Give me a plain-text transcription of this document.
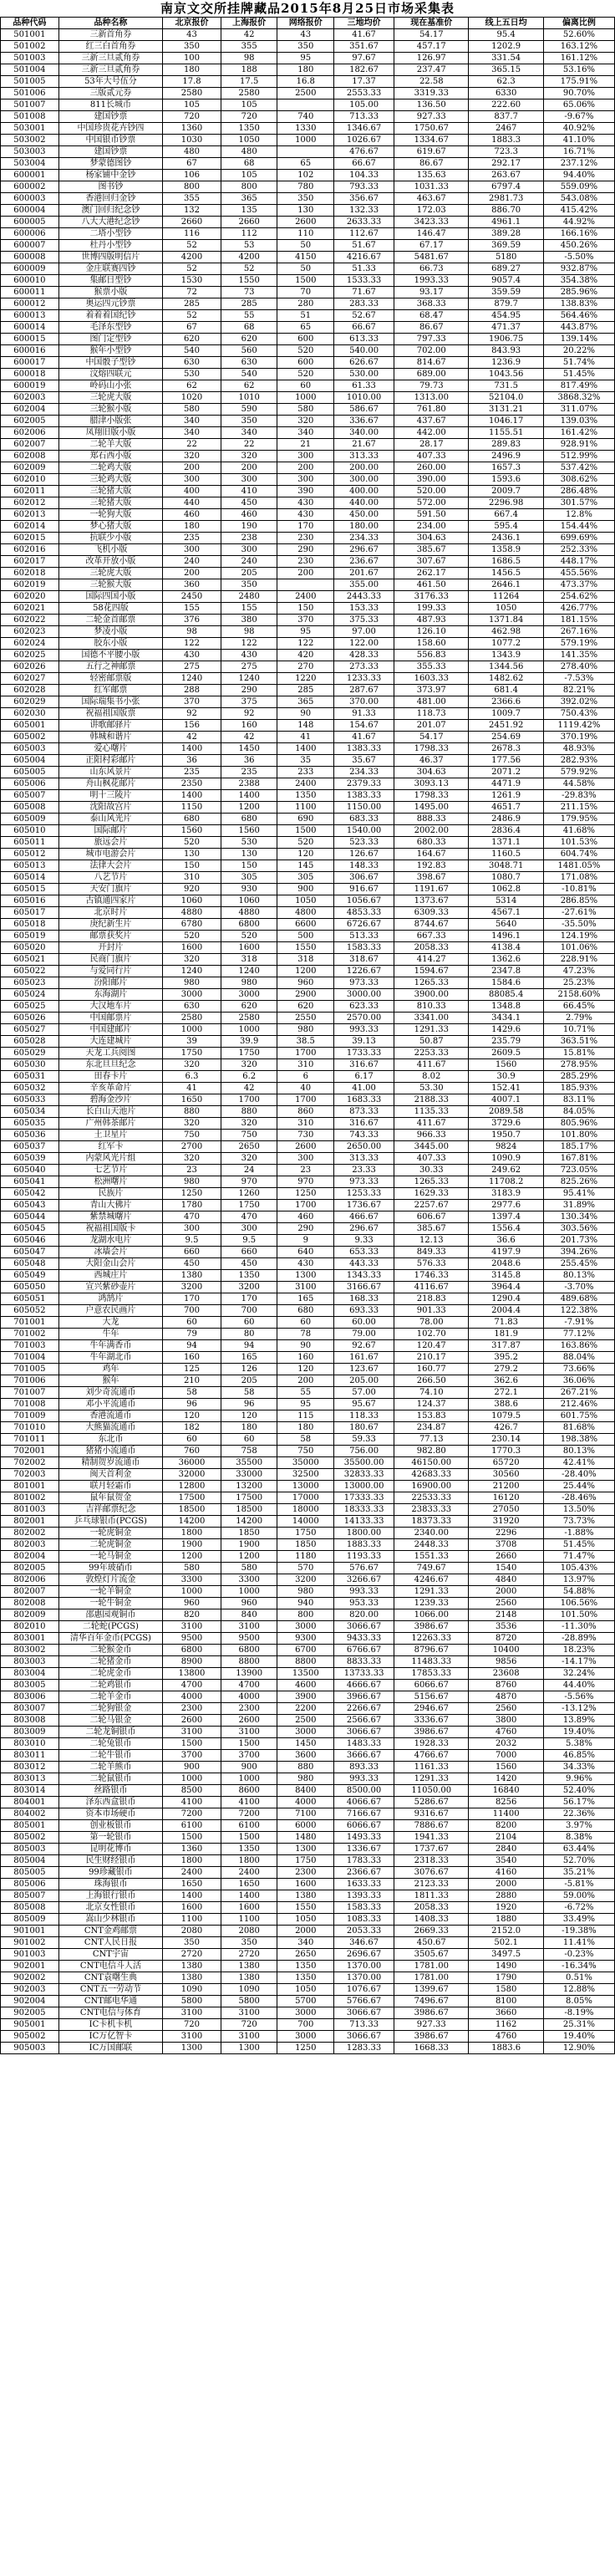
南京文交所挂牌藏品2015年8月25日市场采集表
品种代码	品种名称	北京报价	上海报价	网络报价	三地均价	现在基准价	线上五日均	偏离比例
501001	三新首角券	43	42	43	41.67	54.17	95.4	52.60%
501002	红三白首角券	350	355	350	351.67	457.17	1202.9	163.12%
501003	三新三旦贰角券	100	98	95	97.67	126.97	331.54	161.12%
501004	三新三旦贰角券	180	188	180	182.67	237.47	365.15	53.16%
501005	53年大号伍分	17.8	17.5	16.8	17.37	22.58	62.3	175.91%
501006	三版贰元券	2580	2580	2500	2553.33	3319.33	6330	90.70%
501007	811长城币	105	105		105.00	136.50	222.60	65.06%
501008	建国钞票	720	720	740	713.33	927.33	837.7	-9.67%
503001	中国珍贵花卉钞四	1360	1350	1330	1346.67	1750.67	2467	40.92%
503002	中国银币钞票	1030	1050	1000	1026.67	1334.67	1883.3	41.10%
503003	建国钞票	480	480		476.67	619.67	723.3	16.71%
503004	梦蒙德图钞	67	68	65	66.67	86.67	292.17	237.12%
600001	杨家铺中金钞	106	105	102	104.33	135.63	263.67	94.40%
600002	图书钞	800	800	780	793.33	1031.33	6797.4	559.09%
600003	香港回归金钞	355	365	350	356.67	463.67	2981.73	543.08%
600004	澳门回归纪念钞	132	135	130	132.33	172.03	886.70	415.42%
600005	八大大港纪念钞	2660	2660	2600	2633.33	3423.33	4961.1	44.92%
600006	二塔小型钞	116	112	110	112.67	146.47	389.28	166.16%
600007	杜丹小型钞	52	53	50	51.67	67.17	369.59	450.26%
600008	世博四版明信片	4200	4200	4150	4216.67	5481.67	5180	-5.50%
600009	金庄联赛四钞	52	52	50	51.33	66.73	689.27	932.87%
600010	集邮日型钞	1530	1550	1500	1533.33	1993.33	9057.4	354.38%
600011	猴票小版	72	73	70	71.67	93.17	359.59	285.96%
600012	奥运四元钞票	285	285	280	283.33	368.33	879.7	138.83%
600013	着着着国纪钞	52	55	51	52.67	68.47	454.95	564.46%
600014	毛泽东型钞	67	68	65	66.67	86.67	471.37	443.87%
600015	图门定型钞	620	620	600	613.33	797.33	1906.75	139.14%
600016	猴年小型钞	540	560	520	540.00	702.00	843.93	20.22%
600017	中国骰子型钞	630	630	600	626.67	814.67	1236.9	51.74%
600018	汶熔四联元	530	540	520	530.00	689.00	1043.56	51.45%
600019	岭码山小张	62	62	60	61.33	79.73	731.5	817.49%
602003	三轮虎大版	1020	1010	1000	1010.00	1313.00	52104.0	3868.32%
602004	三轮猴小版	580	590	580	586.67	761.80	3131.21	311.07%
602005	腊津小版张	340	350	320	336.67	437.67	1046.17	139.03%
602006	凤翔旧版小版	340	340	340	340.00	442.00	1155.51	161.42%
602007	二轮羊大版	22	22	21	21.67	28.17	289.83	928.91%
602008	郑石西小版	320	320	300	313.33	407.33	2496.9	512.99%
602009	二轮鸡大版	200	200	200	200.00	260.00	1657.3	537.42%
602010	三轮鸡大版	300	300	300	300.00	390.00	1593.6	308.62%
602011	三轮猪大版	400	410	390	400.00	520.00	2009.7	286.48%
602012	三轮猪大版	440	450	430	440.00	572.00	2296.98	301.57%
602013	一轮狗大版	460	460	430	450.00	591.50	667.4	12.8%
602014	梦心猪大版	180	190	170	180.00	234.00	595.4	154.44%
602015	抗联少小版	235	238	230	234.33	304.63	2436.1	699.69%
602016	飞机小版	300	300	290	296.67	385.67	1358.9	252.33%
602017	改革开放小版	240	240	230	236.67	307.67	1686.5	448.17%
602018	三轮虎大版	200	205	200	201.67	262.17	1456.5	455.56%
602019	三轮猴大版	360	350		355.00	461.50	2646.1	473.37%
602020	国际四国小版	2450	2480	2400	2443.33	3176.33	11264	254.62%
602021	58花四版	155	155	150	153.33	199.33	1050	426.77%
602022	二轮金首邮票	376	380	370	375.33	487.93	1371.84	181.15%
602023	梦凌小版	98	98	95	97.00	126.10	462.98	267.16%
602024	胶东小版	122	122	122	122.00	158.60	1077.2	579.19%
602025	国德不平腰小版	430	430	420	428.33	556.83	1343.9	141.35%
602026	五行之神邮票	275	275	270	273.33	355.33	1344.56	278.40%
602027	轻密邮票版	1240	1240	1220	1233.33	1603.33	1482.62	-7.53%
602028	红军邮票	288	290	285	287.67	373.97	681.4	82.21%
602029	国际瑞集书小张	370	375	365	370.00	481.00	2366.6	392.02%
602030	祝福祖国版票	92	92	90	91.33	118.73	1009.7	750.43%
605001	讲歌邮驿片	156	160	148	154.67	201.07	2451.92	1119.42%
605002	韩城和谐片	42	42	41	41.67	54.17	254.69	370.19%
605003	爱心曙片	1400	1450	1400	1383.33	1798.33	2678.3	48.93%
605004	正阳村彩邮片	36	36	35	35.67	46.37	177.56	282.93%
605005	山东风景片	235	235	233	234.33	304.63	2071.2	579.92%
605006	舟山枫花邮片	2350	2388	2400	2379.33	3093.13	4471.9	44.58%
605007	明十三陵片	1400	1400	1350	1383.33	1798.33	1261.9	-29.83%
605008	沈阳故宫片	1150	1200	1100	1150.00	1495.00	4651.7	211.15%
605009	泰山风光片	680	680	690	683.33	888.33	2486.9	179.95%
605010	国际邮片	1560	1560	1500	1540.00	2002.00	2836.4	41.68%
605011	旅远会片	520	530	520	523.33	680.33	1371.1	101.53%
605012	城市电游会片	130	130	120	126.67	164.67	1160.5	604.74%
605013	法律大会片	150	150	145	148.33	192.83	3048.71	1481.05%
605014	八艺节片	310	305	305	306.67	398.67	1080.7	171.08%
605015	天安门旗片	920	930	900	916.67	1191.67	1062.8	-10.81%
605016	古镇通四家片	1060	1060	1050	1056.67	1373.67	5314	286.85%
605017	北京时片	4880	4880	4800	4853.33	6309.33	4567.1	-27.61%
605018	庚纪新生片	6780	6800	6600	6726.67	8744.67	5640	-35.50%
605019	邮票获奖片	520	520	500	513.33	667.33	1496.1	124.19%
605020	开封片	1600	1600	1550	1583.33	2058.33	4138.4	101.06%
605021	民商门旗片	320	318	318	318.67	414.27	1362.6	228.91%
605022	与爱同行片	1240	1240	1200	1226.67	1594.67	2347.8	47.23%
605023	汾阳邮片	980	980	960	973.33	1265.33	1584.6	25.23%
605024	东海湖片	3000	3000	2900	3000.00	3900.00	88085.4	2158.60%
605025	大汉地车片	630	620	620	623.33	810.33	1348.8	66.45%
605026	中国邮票片	2580	2580	2550	2570.00	3341.00	3434.1	2.79%
605027	中国建邮片	1000	1000	980	993.33	1291.33	1429.6	10.71%
605028	大连建城片	39	39.9	38.5	39.13	50.87	235.79	363.51%
605029	天龙工兵阅图	1750	1750	1700	1733.33	2253.33	2609.5	15.81%
605030	东北旦旦纪念	320	320	310	316.67	411.67	1560	278.95%
605031	田春卡片	6.3	6.2	6	6.17	8.02	30.9	285.29%
605032	辛亥革命片	41	42	40	41.00	53.30	152.41	185.93%
605033	碧海金沙片	1650	1700	1700	1683.33	2188.33	4007.1	83.11%
605034	长白山天池片	880	880	860	873.33	1135.33	2089.58	84.05%
605035	广州韩茶邮片	320	320	310	316.67	411.67	3729.6	805.96%
605036	土卫星片	750	750	730	743.33	966.33	1950.7	101.80%
605037	红军卡	2700	2650	2600	2650.00	3445.00	9824	185.17%
605039	内蒙风光片组	320	320	300	313.33	407.33	1090.9	167.81%
605040	七艺节片	23	24	23	23.33	30.33	249.62	723.05%
605041	松洲曙片	980	970	970	973.33	1265.33	11708.2	825.26%
605042	民族片	1250	1260	1250	1253.33	1629.33	3183.9	95.41%
605043	青山大佛片	1780	1750	1700	1736.67	2257.67	2977.6	31.89%
605044	紫禁城曙片	470	470	460	466.67	606.67	1397.4	130.34%
605045	祝福祖国版卡	300	300	290	296.67	385.67	1556.4	303.56%
605046	龙湖水电片	9.5	9.5	9	9.33	12.13	36.6	201.73%
605047	冰墙会片	660	660	640	653.33	849.33	4197.9	394.26%
605048	大阳金山会片	450	450	430	443.33	576.33	2048.6	255.45%
605049	西城庄片	1380	1350	1300	1343.33	1746.33	3145.8	80.13%
605050	宣兴紫砂壶片	3200	3200	3100	3166.67	4116.67	3964.4	-3.70%
605051	鸿鹄片	170	170	165	168.33	218.83	1290.4	489.68%
605052	户意农民画片	700	700	680	693.33	901.33	2004.4	122.38%
701001	大龙	60	60	60	60.00	78.00	71.83	-7.91%
701002	牛年	79	80	78	79.00	102.70	181.9	77.12%
701003	牛年满香币	94	94	90	92.67	120.47	317.87	163.86%
701004	牛年湖北币	160	165	160	161.67	210.17	395.2	88.04%
701005	鸡年	125	126	120	123.67	160.77	279.2	73.66%
701006	猴年	210	205	200	205.00	266.50	362.6	36.06%
701007	刘少奇流通币	58	58	55	57.00	74.10	272.1	267.21%
701008	邓小平流通币	96	96	95	95.67	124.37	388.6	212.46%
701009	香港流通币	120	120	115	118.33	153.83	1079.5	601.75%
701010	大熊猫流通币	182	180	180	180.67	234.87	426.7	81.68%
701011	东北币	60	60	58	59.33	77.13	230.14	198.38%
702001	猪猪小流通币	760	758	750	756.00	982.80	1770.3	80.13%
702002	精制贺岁流通币	36000	35500	35000	35500.00	46150.00	65720	42.41%
702003	闽天首利金	32000	33000	32500	32833.33	42683.33	30560	-28.40%
801001	联月轻霜币	12800	13200	13000	13000.00	16900.00	21200	25.44%
801002	鼠年鼠贺金	17500	17500	17000	17333.33	22533.33	16120	-28.46%
801003	吉祥邮票纪念	18500	18500	18000	18333.33	23833.33	27050	13.50%
802001	乒乓球银币(PCGS)	14200	14200	14000	14133.33	18373.33	31920	73.73%
802002	一轮虎铜金	1800	1850	1750	1800.00	2340.00	2296	-1.88%
802003	二轮虎铜金	1900	1900	1850	1883.33	2448.33	3708	51.45%
802004	一轮马铜金	1200	1200	1180	1193.33	1551.33	2660	71.47%
802005	99年玻硝币	580	580	570	576.67	749.67	1540	105.43%
802006	敦煌灯片流金	3300	3300	3200	3266.67	4246.67	4840	13.97%
802007	一轮羊铜金	1000	1000	980	993.33	1291.33	2000	54.88%
802008	一轮牛铜金	960	960	940	953.33	1239.33	2560	106.56%
802009	邵惠园观铜币	820	840	800	820.00	1066.00	2148	101.50%
802010	二轮蛇(PCGS)	3100	3100	3000	3066.67	3986.67	3536	-11.30%
803001	清华百年金币(PCGS)	9500	9500	9300	9433.33	12263.33	8720	-28.89%
803002	二轮猴金币	6800	6800	6700	6766.67	8796.67	10400	18.23%
803003	二轮猪金币	8900	8800	8800	8833.33	11483.33	9856	-14.17%
803004	二轮虎金币	13800	13900	13500	13733.33	17853.33	23608	32.24%
803005	二轮鸡银币	4700	4700	4600	4666.67	6066.67	8760	44.40%
803006	二轮羊金币	4000	4000	3900	3966.67	5156.67	4870	-5.56%
803007	二轮狗银金	2300	2300	2200	2266.67	2946.67	2560	-13.12%
803008	二轮马银金	2600	2600	2500	2566.67	3336.67	3800	13.89%
803009	二轮龙铜银币	3100	3100	3000	3066.67	3986.67	4760	19.40%
803010	二轮兔银币	1500	1500	1450	1483.33	1928.33	2032	5.38%
803011	二轮牛银币	3700	3700	3600	3666.67	4766.67	7000	46.85%
803012	二轮羊熊币	900	900	880	893.33	1161.33	1560	34.33%
803013	二轮鼠银币	1000	1000	980	993.33	1291.33	1420	9.96%
803014	丝路银币	8500	8600	8400	8500.00	11050.00	16840	52.40%
804001	泽东西盒银币	4100	4100	4000	4066.67	5286.67	8256	56.17%
804002	资本市场硬币	7200	7200	7100	7166.67	9316.67	11400	22.36%
805001	创业板银币	6100	6100	6000	6066.67	7886.67	8200	3.97%
805002	第一轮银币	1500	1500	1480	1493.33	1941.33	2104	8.38%
805003	昆明花博币	1360	1350	1300	1336.67	1737.67	2840	63.44%
805004	民生财经银币	1800	1800	1750	1783.33	2318.33	3540	52.70%
805005	99珍藏银币	2400	2400	2300	2366.67	3076.67	4160	35.21%
805006	珠海银币	1650	1650	1600	1633.33	2123.33	2000	-5.81%
805007	上海银行银币	1400	1400	1380	1393.33	1811.33	2880	59.00%
805008	北京女性银币	1600	1600	1550	1583.33	2058.33	1920	-6.72%
805009	嵩山少林银币	1100	1100	1050	1083.33	1408.33	1880	33.49%
901001	CNT金鸡邮票	2080	2080	2000	2053.33	2669.33	2152.0	-19.38%
901002	CNT人民日报	350	350	340	346.67	450.67	502.1	11.41%
901003	CNT宇宙	2720	2720	2650	2696.67	3505.67	3497.5	-0.23%
902001	CNT电信斗人活	1380	1380	1350	1370.00	1781.00	1490	-16.34%
902002	CNT袁曙生典	1380	1380	1350	1370.00	1781.00	1790	0.51%
902003	CNT五一劳动节	1090	1090	1050	1076.67	1399.67	1580	12.88%
902004	CNT邮电华通	5800	5800	5700	5766.67	7496.67	8100	8.05%
902005	CNT电信与体育	3100	3100	3000	3066.67	3986.67	3660	-8.19%
905001	IC卡机卡机	720	720	700	713.33	927.33	1162	25.31%
905002	IC万亿智卡	3100	3100	3000	3066.67	3986.67	4760	19.40%
905003	IC万国邮联	1300	1300	1250	1283.33	1668.33	1883.6	12.90%
